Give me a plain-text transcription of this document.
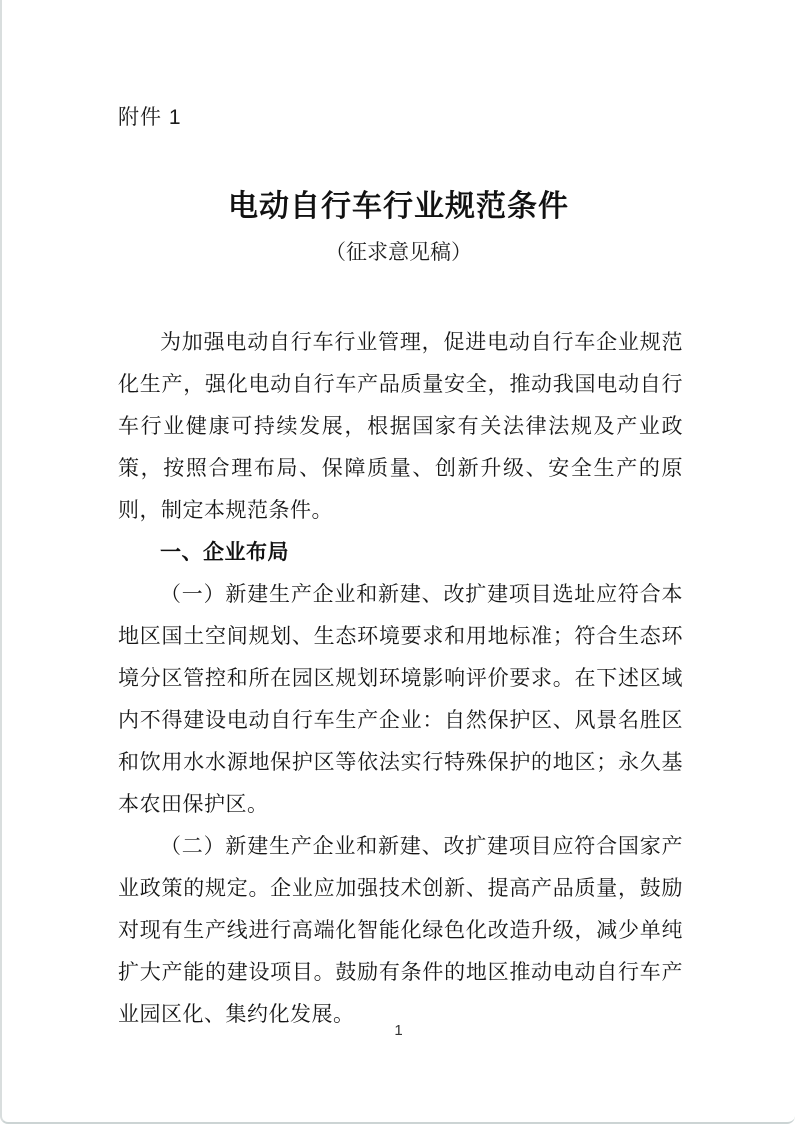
附件 1
电动自行车行业规范条件
（征求意见稿）

为加强电动自行车行业管理，促进电动自行车企业规范化生产，强化电动自行车产品质量安全，推动我国电动自行车行业健康可持续发展，根据国家有关法律法规及产业政策，按照合理布局、保障质量、创新升级、安全生产的原则，制定本规范条件。

一、企业布局

（一）新建生产企业和新建、改扩建项目选址应符合本地区国土空间规划、生态环境要求和用地标准；符合生态环境分区管控和所在园区规划环境影响评价要求。在下述区域内不得建设电动自行车生产企业：自然保护区、风景名胜区和饮用水水源地保护区等依法实行特殊保护的地区；永久基本农田保护区。

（二）新建生产企业和新建、改扩建项目应符合国家产业政策的规定。企业应加强技术创新、提高产品质量，鼓励对现有生产线进行高端化智能化绿色化改造升级，减少单纯扩大产能的建设项目。鼓励有条件的地区推动电动自行车产业园区化、集约化发展。

1
